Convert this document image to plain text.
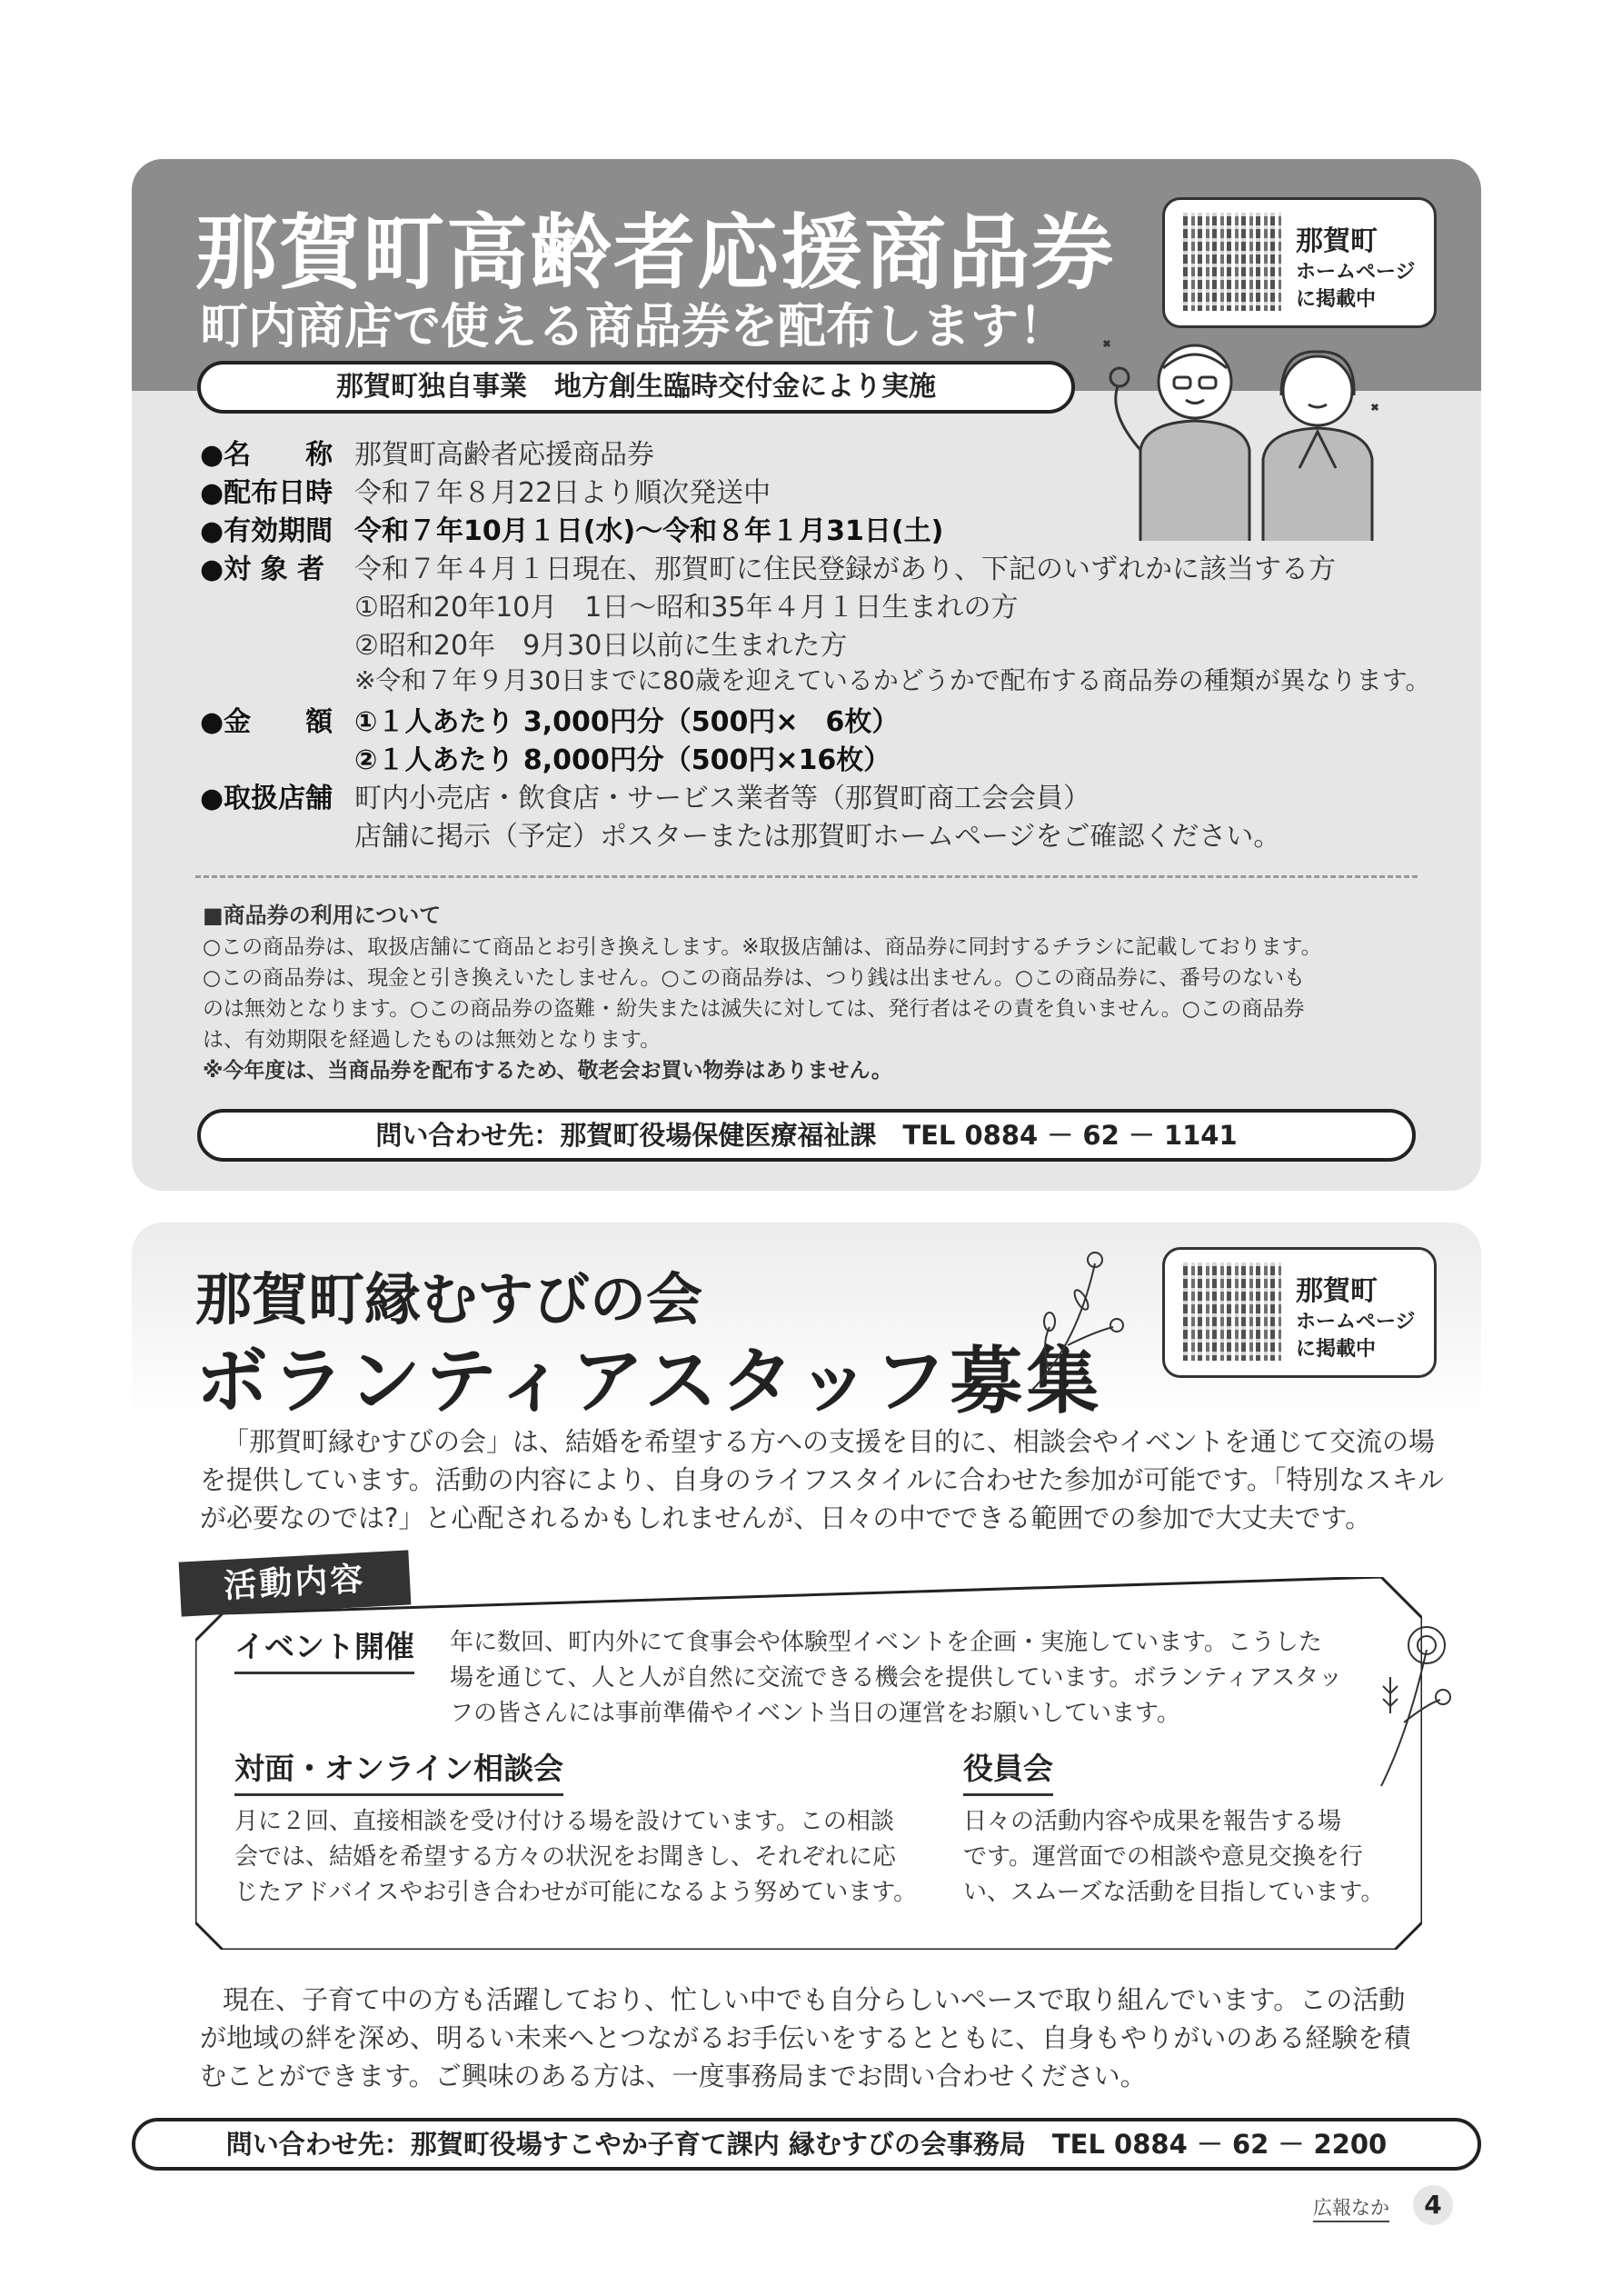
那賀町高齢者応援商品券
町内商店で使える商品券を配布します！
那賀町
ホームページ
に掲載中
那賀町独自事業　地方創生臨時交付金により実施
●名　　称 那賀町高齢者応援商品券
●配布日時 令和７年８月22日より順次発送中
●有効期間 令和７年10月１日(水)～令和８年１月31日(土)
●対 象 者 令和７年４月１日現在、那賀町に住民登録があり、下記のいずれかに該当する方
①昭和20年10月　1日～昭和35年４月１日生まれの方
②昭和20年　9月30日以前に生まれた方
※令和７年９月30日までに80歳を迎えているかどうかで配布する商品券の種類が異なります。
●金　　額 ①１人あたり 3,000円分（500円×　6枚）
②１人あたり 8,000円分（500円×16枚）
●取扱店舗 町内小売店・飲食店・サービス業者等（那賀町商工会会員）
店舗に掲示（予定）ポスターまたは那賀町ホームページをご確認ください。
■商品券の利用について
○この商品券は、取扱店舗にて商品とお引き換えします。※取扱店舗は、商品券に同封するチラシに記載しております。
○この商品券は、現金と引き換えいたしません。○この商品券は、つり銭は出ません。○この商品券に、番号のないも
のは無効となります。○この商品券の盗難・紛失または滅失に対しては、発行者はその責を負いません。○この商品券
は、有効期限を経過したものは無効となります。
※今年度は、当商品券を配布するため、敬老会お買い物券はありません。
問い合わせ先：那賀町役場保健医療福祉課　TEL 0884 － 62 － 1141
那賀町縁むすびの会
ボランティアスタッフ募集
那賀町
ホームページ
に掲載中
「那賀町縁むすびの会」は、結婚を希望する方への支援を目的に、相談会やイベントを通じて交流の場
を提供しています。活動の内容により、自身のライフスタイルに合わせた参加が可能です。「特別なスキル
が必要なのでは?」と心配されるかもしれませんが、日々の中でできる範囲での参加で大丈夫です。
活動内容
イベント開催 年に数回、町内外にて食事会や体験型イベントを企画・実施しています。こうした
場を通じて、人と人が自然に交流できる機会を提供しています。ボランティアスタッ
フの皆さんには事前準備やイベント当日の運営をお願いしています。
対面・オンライン相談会
月に２回、直接相談を受け付ける場を設けています。この相談
会では、結婚を希望する方々の状況をお聞きし、それぞれに応
じたアドバイスやお引き合わせが可能になるよう努めています。
役員会
日々の活動内容や成果を報告する場
です。運営面での相談や意見交換を行
い、スムーズな活動を目指しています。
現在、子育て中の方も活躍しており、忙しい中でも自分らしいペースで取り組んでいます。この活動
が地域の絆を深め、明るい未来へとつながるお手伝いをするとともに、自身もやりがいのある経験を積
むことができます。ご興味のある方は、一度事務局までお問い合わせください。
問い合わせ先：那賀町役場すこやか子育て課内 縁むすびの会事務局　TEL 0884 － 62 － 2200
広報なか	4
